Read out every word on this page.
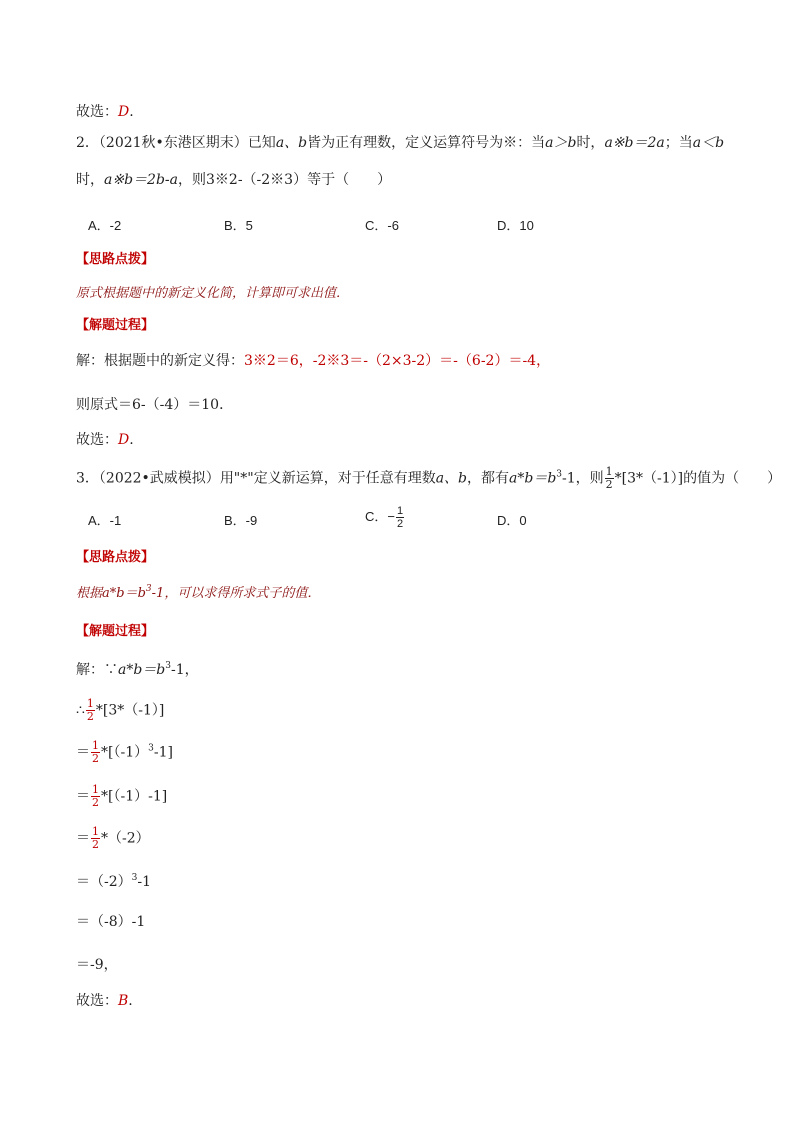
故选：D.
2．（2021秋•东港区期末）已知a、b皆为正有理数，定义运算符号为※：当a＞b时，a※b＝2a；当a＜b
时，a※b＝2b-a，则3※2-（-2※3）等于（　　）
A．-2	B．5	C．-6	D．10
【思路点拨】
原式根据题中的新定义化简，计算即可求出值．
【解题过程】
解：根据题中的新定义得：3※2＝6，-2※3＝-（2×3-2）＝-（6-2）＝-4，
则原式＝6-（-4）＝10．
故选：D.
3．（2022•武威模拟）用"*"定义新运算，对于任意有理数a、b，都有$a*b=b^3-1$，则 $\frac{1}{2} *[3*(-1)]$的值为（　　）
A．-1	B．-9	C．− $\frac{1}{2}$	D．0
【思路点拨】
根据$a*b=b^3-1$，可以求得所求式子的值．
【解题过程】
解：$\because a*b=b^3-1$，
∴ $\frac{1}{2} *[3*(-1)]$
＝ $\frac{1}{2} *[(-1)^3-1]$
＝ $\frac{1}{2} *[(-1)-1]$
＝ $\frac{1}{2} *(-2)$
$=(-2)^3-1$
＝（-8）-1
＝-9，
故选：B.
